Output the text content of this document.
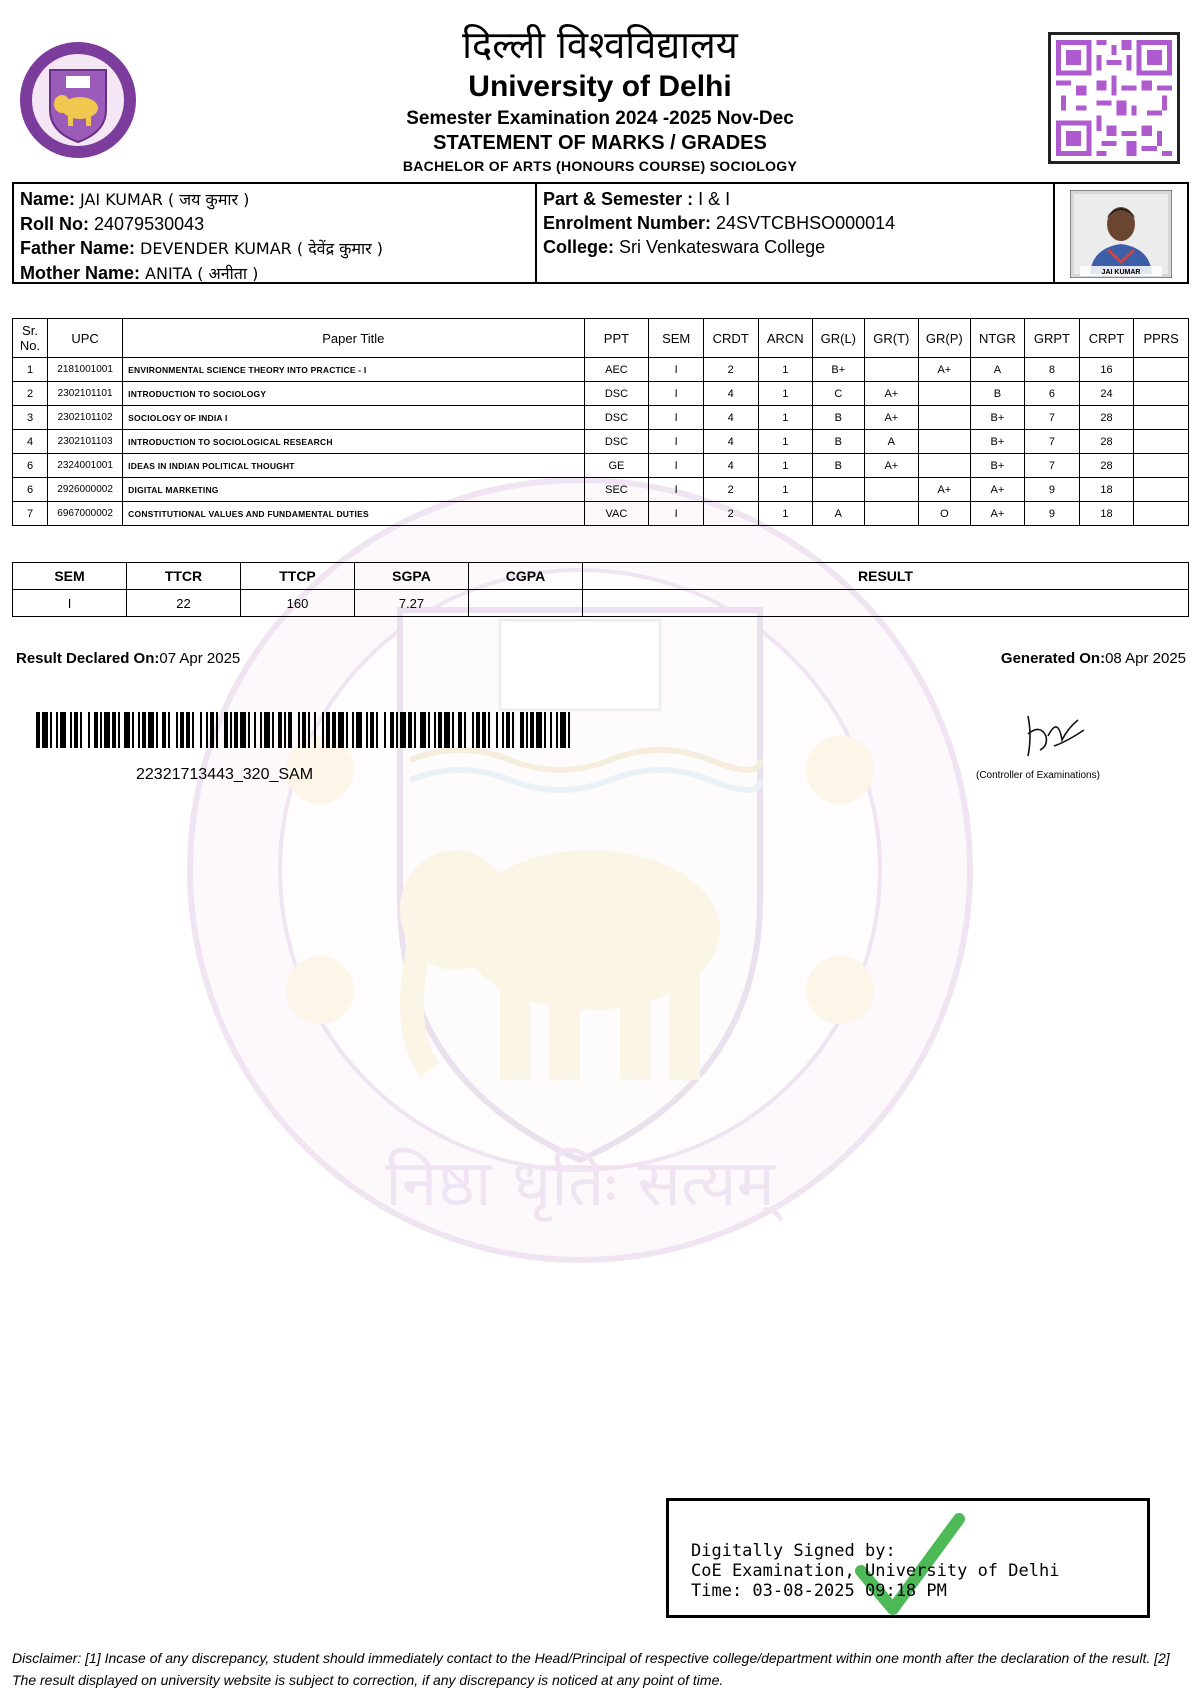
निष्ठा धृतिः सत्यम्
दिल्ली विश्वविद्यालय
University of Delhi
Semester Examination 2024 -2025 Nov-Dec
STATEMENT OF MARKS / GRADES
BACHELOR OF ARTS (HONOURS COURSE) SOCIOLOGY
Name: JAI KUMAR ( जय कुमार )
Roll No: 24079530043
Father Name: DEVENDER KUMAR ( देवेंद्र कुमार )
Mother Name: ANITA ( अनीता )
Part & Semester : I & I
Enrolment Number: 24SVTCBHSO000014
College: Sri Venkateswara College
JAI KUMAR
Sr. No.	UPC	Paper Title	PPT	SEM	CRDT	ARCN	GR(L)	GR(T)	GR(P)	NTGR	GRPT	CRPT	PPRS
1	2181001001	ENVIRONMENTAL SCIENCE THEORY INTO PRACTICE - I	AEC	I	2	1	B+		A+	A	8	16	
2	2302101101	INTRODUCTION TO SOCIOLOGY	DSC	I	4	1	C	A+		B	6	24	
3	2302101102	SOCIOLOGY OF INDIA I	DSC	I	4	1	B	A+		B+	7	28	
4	2302101103	INTRODUCTION TO SOCIOLOGICAL RESEARCH	DSC	I	4	1	B	A		B+	7	28	
6	2324001001	IDEAS IN INDIAN POLITICAL THOUGHT	GE	I	4	1	B	A+		B+	7	28	
6	2926000002	DIGITAL MARKETING	SEC	I	2	1			A+	A+	9	18	
7	6967000002	CONSTITUTIONAL VALUES AND FUNDAMENTAL DUTIES	VAC	I	2	1	A		O	A+	9	18	
SEM	TTCR	TTCP	SGPA	CGPA	RESULT
I	22	160	7.27		
Result Declared On:07 Apr 2025	Generated On:08 Apr 2025
22321713443_320_SAM	(Controller of Examinations)
Digitally Signed by:
CoE Examination, University of Delhi
Time: 03-08-2025 09:18 PM
Disclaimer: [1] Incase of any discrepancy, student should immediately contact to the Head/Principal of respective college/department within one month after the declaration of the result. [2] The result displayed on university website is subject to correction, if any discrepancy is noticed at any point of time.
